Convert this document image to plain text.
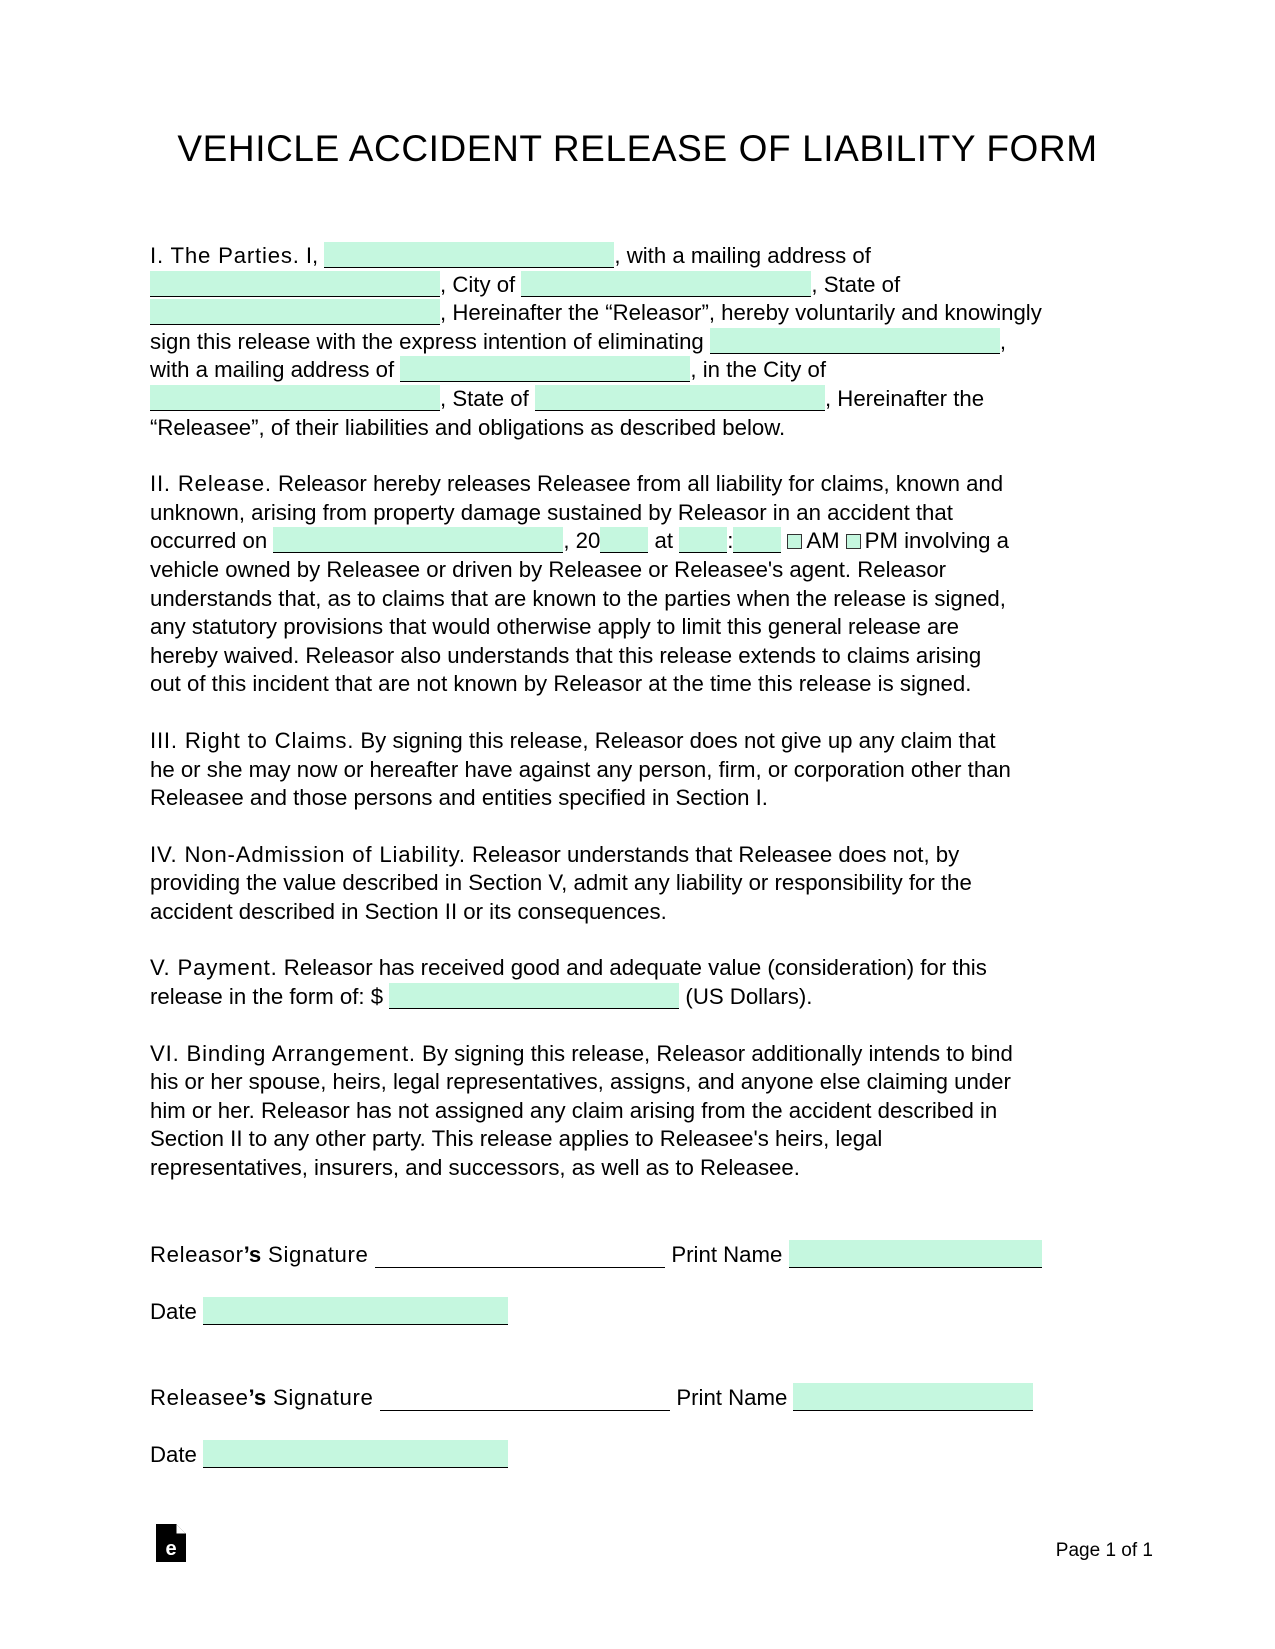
VEHICLE ACCIDENT RELEASE OF LIABILITY FORM

I. The Parties. I,	, with a mailing address of
, City of	, State of
, Hereinafter the “Releasor”, hereby voluntarily and knowingly
sign this release with the express intention of eliminating	,
with a mailing address of	, in the City of
, State of	, Hereinafter the
“Releasee”, of their liabilities and obligations as described below.

II. Release. Releasor hereby releases Releasee from all liability for claims, known and
unknown, arising from property damage sustained by Releasor in an accident that
occurred on	, 20 at :	AM PM involving a
vehicle owned by Releasee or driven by Releasee or Releasee's agent. Releasor
understands that, as to claims that are known to the parties when the release is signed,
any statutory provisions that would otherwise apply to limit this general release are
hereby waived. Releasor also understands that this release extends to claims arising
out of this incident that are not known by Releasor at the time this release is signed.

III. Right to Claims. By signing this release, Releasor does not give up any claim that
he or she may now or hereafter have against any person, firm, or corporation other than
Releasee and those persons and entities specified in Section I.

IV. Non-Admission of Liability. Releasor understands that Releasee does not, by
providing the value described in Section V, admit any liability or responsibility for the
accident described in Section II or its consequences.

V. Payment. Releasor has received good and adequate value (consideration) for this
release in the form of: $	(US Dollars).

VI. Binding Arrangement. By signing this release, Releasor additionally intends to bind
his or her spouse, heirs, legal representatives, assigns, and anyone else claiming under
him or her. Releasor has not assigned any claim arising from the accident described in
Section II to any other party. This release applies to Releasee's heirs, legal
representatives, insurers, and successors, as well as to Releasee.

Releasor’s Signature	Print Name
Date
Releasee’s Signature	Print Name
Date
e	Page 1 of 1
